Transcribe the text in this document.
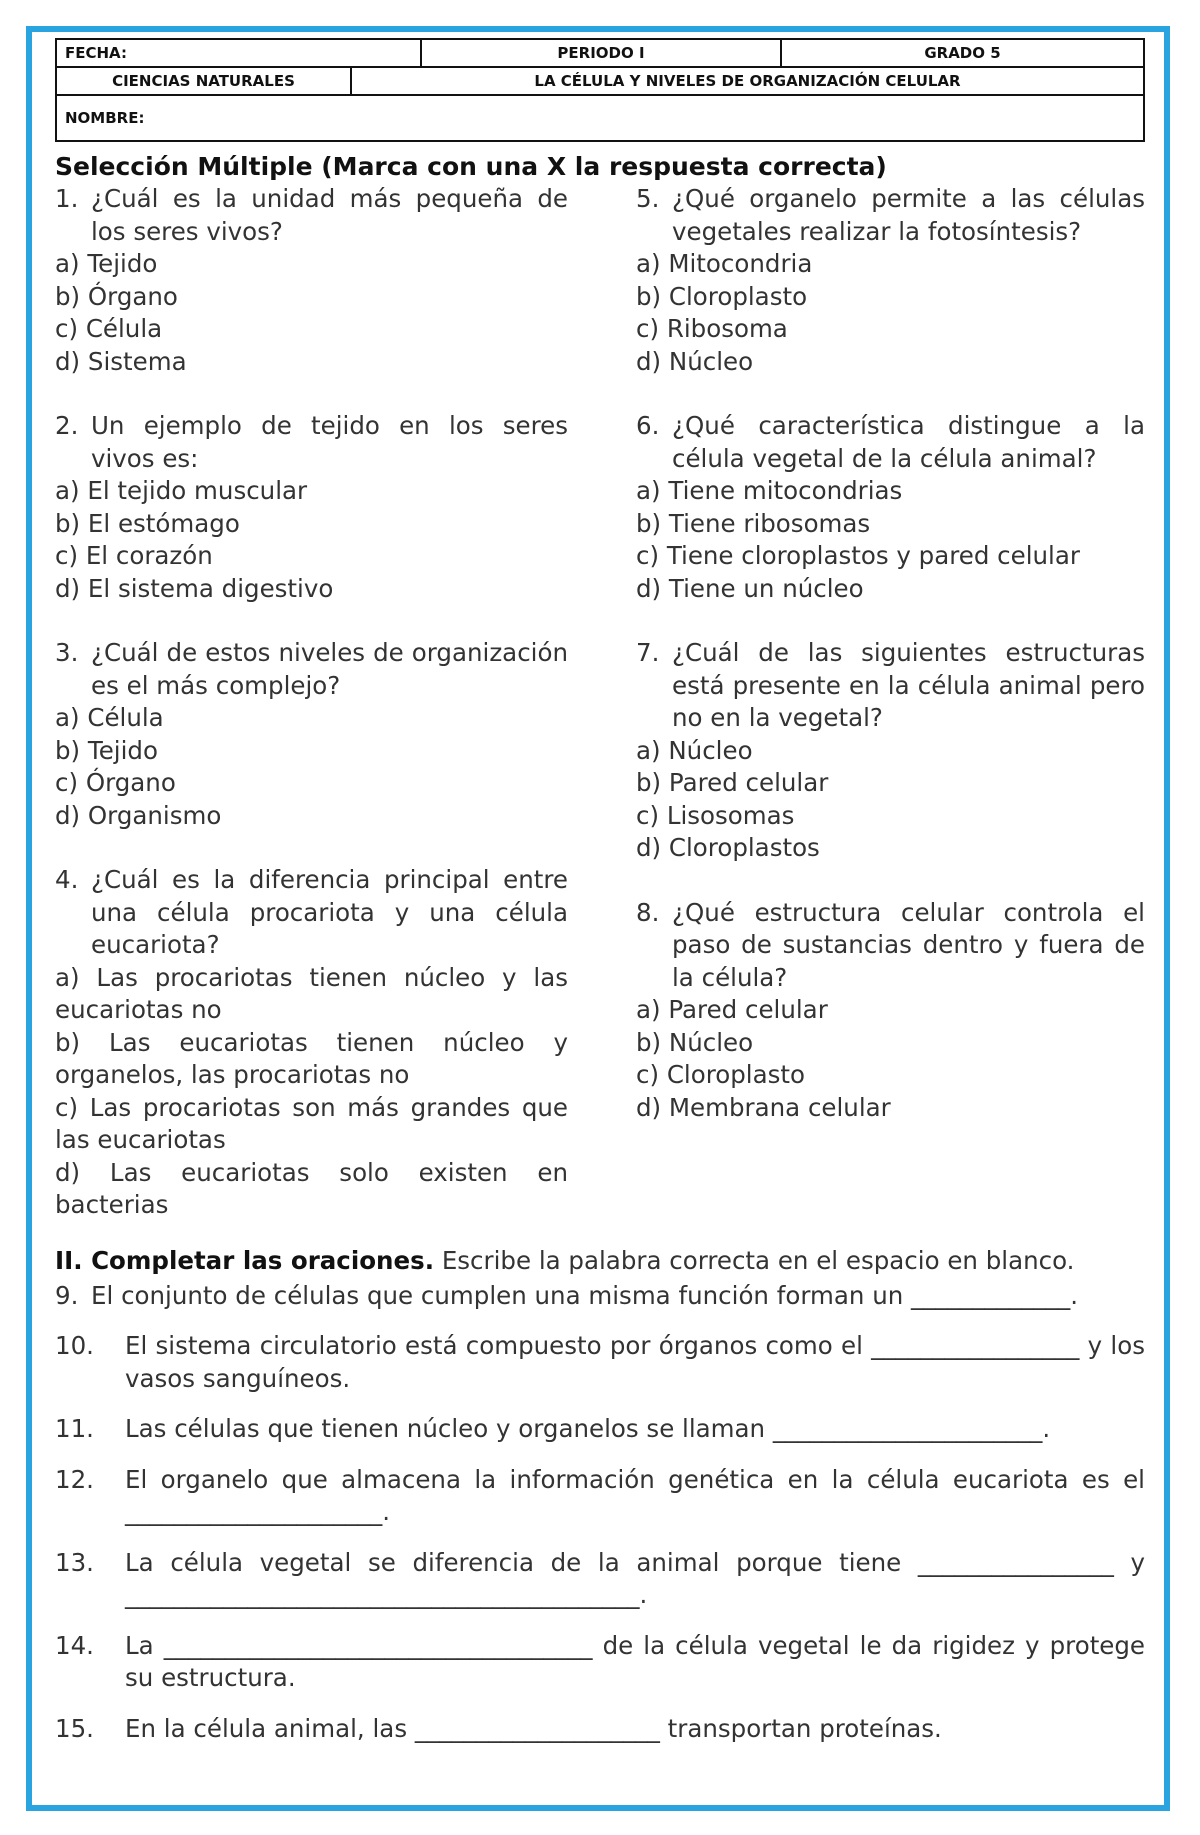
FECHA:	PERIODO I	GRADO 5
CIENCIAS NATURALES	LA CÉLULA Y NIVELES DE ORGANIZACIÓN CELULAR
NOMBRE:
Selección Múltiple (Marca con una X la respuesta correcta)
1. ¿Cuál es la unidad más pequeña de los seres vivos?
a) Tejido
b) Órgano
c) Célula
d) Sistema
2. Un ejemplo de tejido en los seres vivos es:
a) El tejido muscular
b) El estómago
c) El corazón
d) El sistema digestivo
3. ¿Cuál de estos niveles de organización es el más complejo?
a) Célula
b) Tejido
c) Órgano
d) Organismo
4. ¿Cuál es la diferencia principal entre una célula procariota y una célula eucariota?
a) Las procariotas tienen núcleo y las eucariotas no
b) Las eucariotas tienen núcleo y organelos, las procariotas no
c) Las procariotas son más grandes que las eucariotas
d) Las eucariotas solo existen en bacterias
5. ¿Qué organelo permite a las células vegetales realizar la fotosíntesis?
a) Mitocondria
b) Cloroplasto
c) Ribosoma
d) Núcleo
6. ¿Qué característica distingue a la célula vegetal de la célula animal?
a) Tiene mitocondrias
b) Tiene ribosomas
c) Tiene cloroplastos y pared celular
d) Tiene un núcleo
7. ¿Cuál de las siguientes estructuras está presente en la célula animal pero no en la vegetal?
a) Núcleo
b) Pared celular
c) Lisosomas
d) Cloroplastos
8. ¿Qué estructura celular controla el paso de sustancias dentro y fuera de la célula?
a) Pared celular
b) Núcleo
c) Cloroplasto
d) Membrana celular
II. Completar las oraciones. Escribe la palabra correcta en el espacio en blanco.
9. El conjunto de células que cumplen una misma función forman un _____________.
10.	El sistema circulatorio está compuesto por órganos como el _________________ y los vasos sanguíneos.
11.	Las células que tienen núcleo y organelos se llaman ______________________.
12.	El organelo que almacena la información genética en la célula eucariota es el _____________________.
13.	La célula vegetal se diferencia de la animal porque tiene ________________ y __________________________________________.
14.	La ___________________________________ de la célula vegetal le da rigidez y protege su estructura.
15.	En la célula animal, las ____________________ transportan proteínas.
